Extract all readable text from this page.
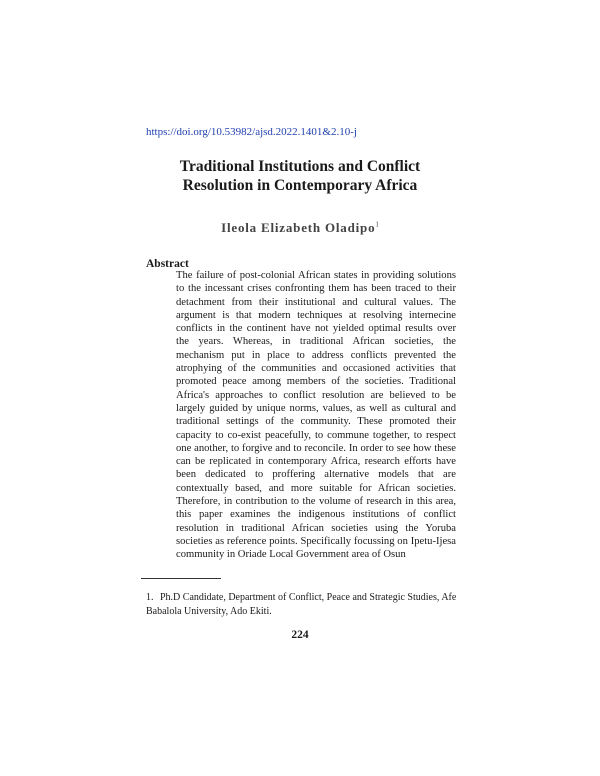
https://doi.org/10.53982/ajsd.2022.1401&2.10-j
Traditional Institutions and Conflict
Resolution in Contemporary Africa
Ileola Elizabeth Oladipo$^1$
Abstract

The failure of post-colonial African states in providing solutions to the incessant crises confronting them has been traced to their detachment from their institutional and cultural values. The argument is that modern techniques at resolving internecine conflicts in the continent have not yielded optimal results over the years. Whereas, in traditional African societies, the mechanism put in place to address conflicts prevented the atrophying of the communities and occasioned activities that promoted peace among members of the societies. Traditional Africa's approaches to conflict resolution are believed to be largely guided by unique norms, values, as well as cultural and traditional settings of the community. These promoted their capacity to co-exist peacefully, to commune together, to respect one another, to forgive and to reconcile. In order to see how these can be replicated in contemporary Africa, research efforts have been dedicated to proffering alternative models that are contextually based, and more suitable for African societies. Therefore, in contribution to the volume of research in this area, this paper examines the indigenous institutions of conflict resolution in traditional African societies using the Yoruba societies as reference points. Specifically focussing on Ipetu-Ijesa community in Oriade Local Government area of Osun

1. Ph.D Candidate, Department of Conflict, Peace and Strategic Studies, Afe
Babalola University, Ado Ekiti.
224
